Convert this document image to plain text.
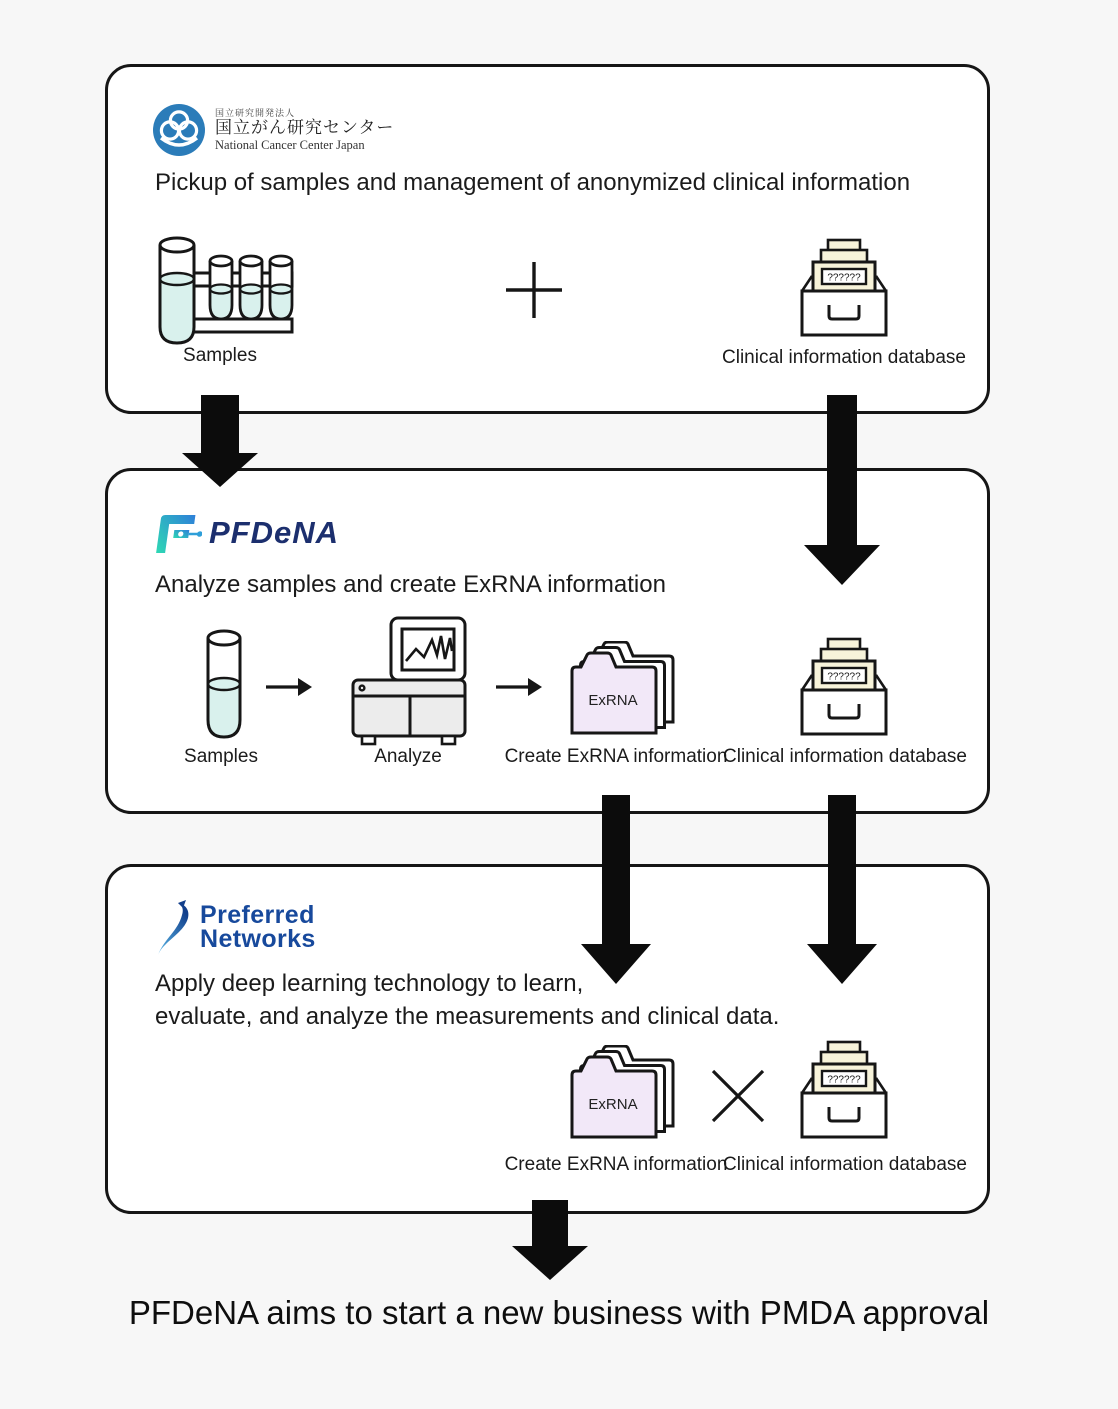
国立研究開発法人
国立がん研究センター
National Cancer Center Japan
Pickup of samples and management of anonymized clinical information
Samples
??????
Clinical information database
PFDeNA
Analyze samples and create ExRNA information
Samples	Analyze
ExRNA
Create ExRNA information
??????
Clinical information database
Preferred
Networks
Apply deep learning technology to learn,
evaluate, and analyze the measurements and clinical data.
ExRNA
Create ExRNA information
??????
Clinical information database
PFDeNA aims to start a new business with PMDA approval
